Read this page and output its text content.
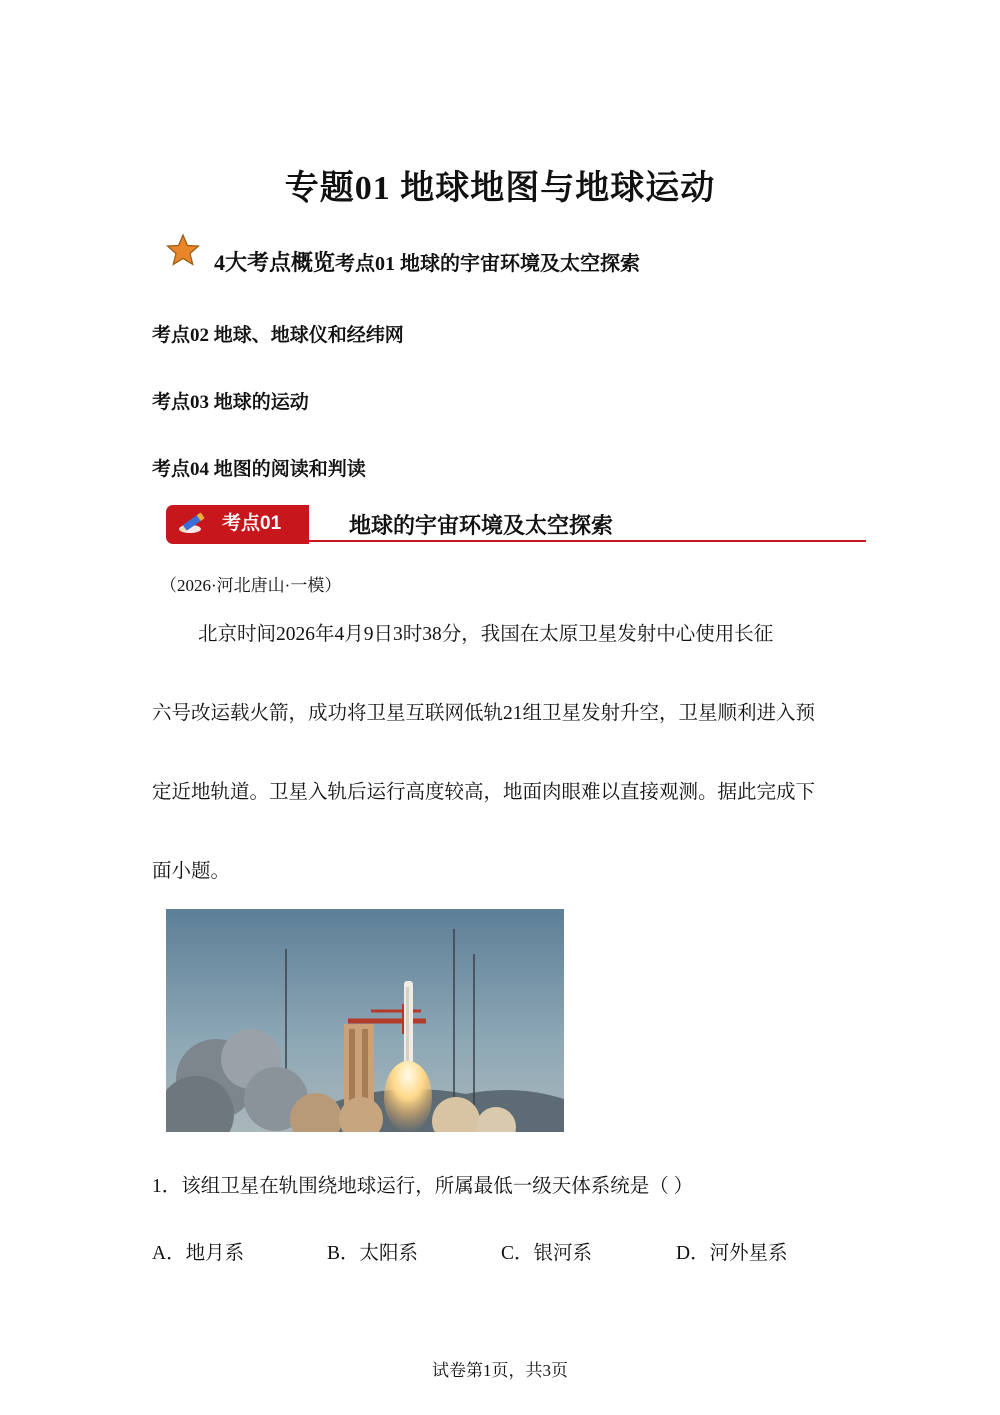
专题01 地球地图与地球运动
4大考点概览考点01 地球的宇宙环境及太空探索
考点02 地球、地球仪和经纬网
考点03 地球的运动
考点04 地图的阅读和判读
考点01	地球的宇宙环境及太空探索
（2026·河北唐山·一模）

北京时间2026年4月9日3时38分，我国在太原卫星发射中心使用长征

六号改运载火箭，成功将卫星互联网低轨21组卫星发射升空，卫星顺利进入预

定近地轨道。卫星入轨后运行高度较高，地面肉眼难以直接观测。据此完成下

面小题。

1．该组卫星在轨围绕地球运行，所属最低一级天体系统是（ ）
A．地月系	B．太阳系	C．银河系	D．河外星系
试卷第1页，共3页
